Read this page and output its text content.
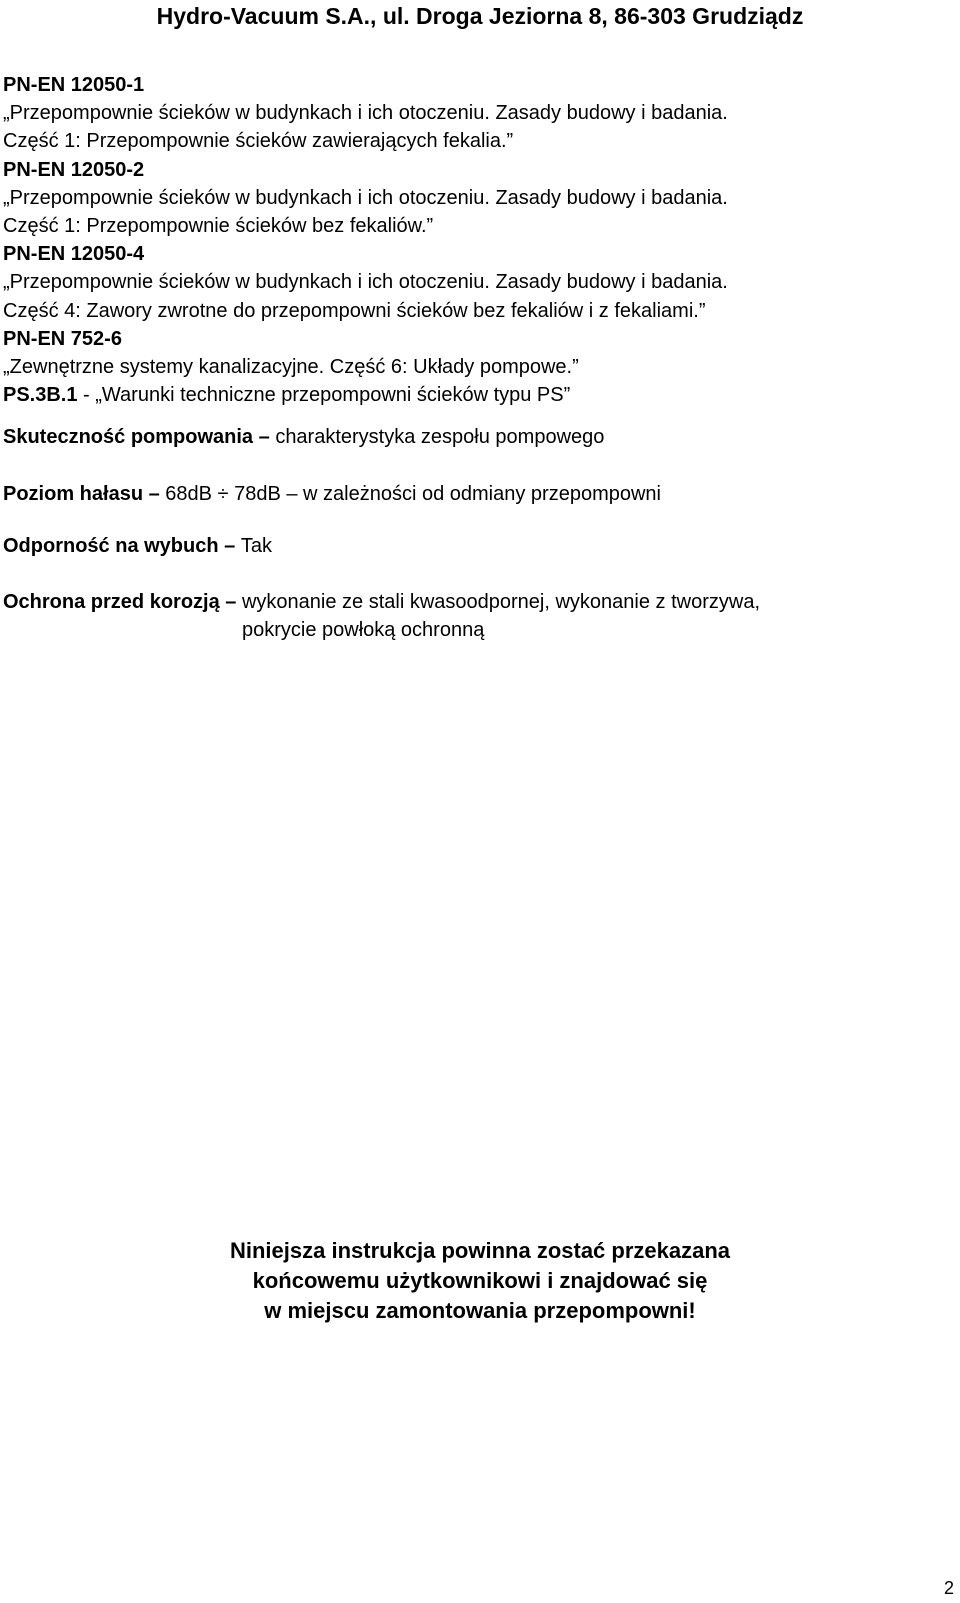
Hydro-Vacuum S.A., ul. Droga Jeziorna 8, 86-303 Grudziądz
PN-EN 12050-1
„Przepompownie ścieków w budynkach i ich otoczeniu. Zasady budowy i badania.
Część 1: Przepompownie ścieków zawierających fekalia.”
PN-EN 12050-2
„Przepompownie ścieków w budynkach i ich otoczeniu. Zasady budowy i badania.
Część 1: Przepompownie ścieków bez fekaliów.”
PN-EN 12050-4
„Przepompownie ścieków w budynkach i ich otoczeniu. Zasady budowy i badania.
Część 4: Zawory zwrotne do przepompowni ścieków bez fekaliów i z fekaliami.”
PN-EN 752-6
„Zewnętrzne systemy kanalizacyjne. Część 6: Układy pompowe.”
PS.3B.1 - „Warunki techniczne przepompowni ścieków typu PS”
Skuteczność pompowania – charakterystyka zespołu pompowego
Poziom hałasu – 68dB ÷ 78dB – w zależności od odmiany przepompowni
Odporność na wybuch – Tak
Ochrona przed korozją – wykonanie ze stali kwasoodpornej, wykonanie z tworzywa,
pokrycie powłoką ochronną
Niniejsza instrukcja powinna zostać przekazana
końcowemu użytkownikowi i znajdować się
w miejscu zamontowania przepompowni!
2
